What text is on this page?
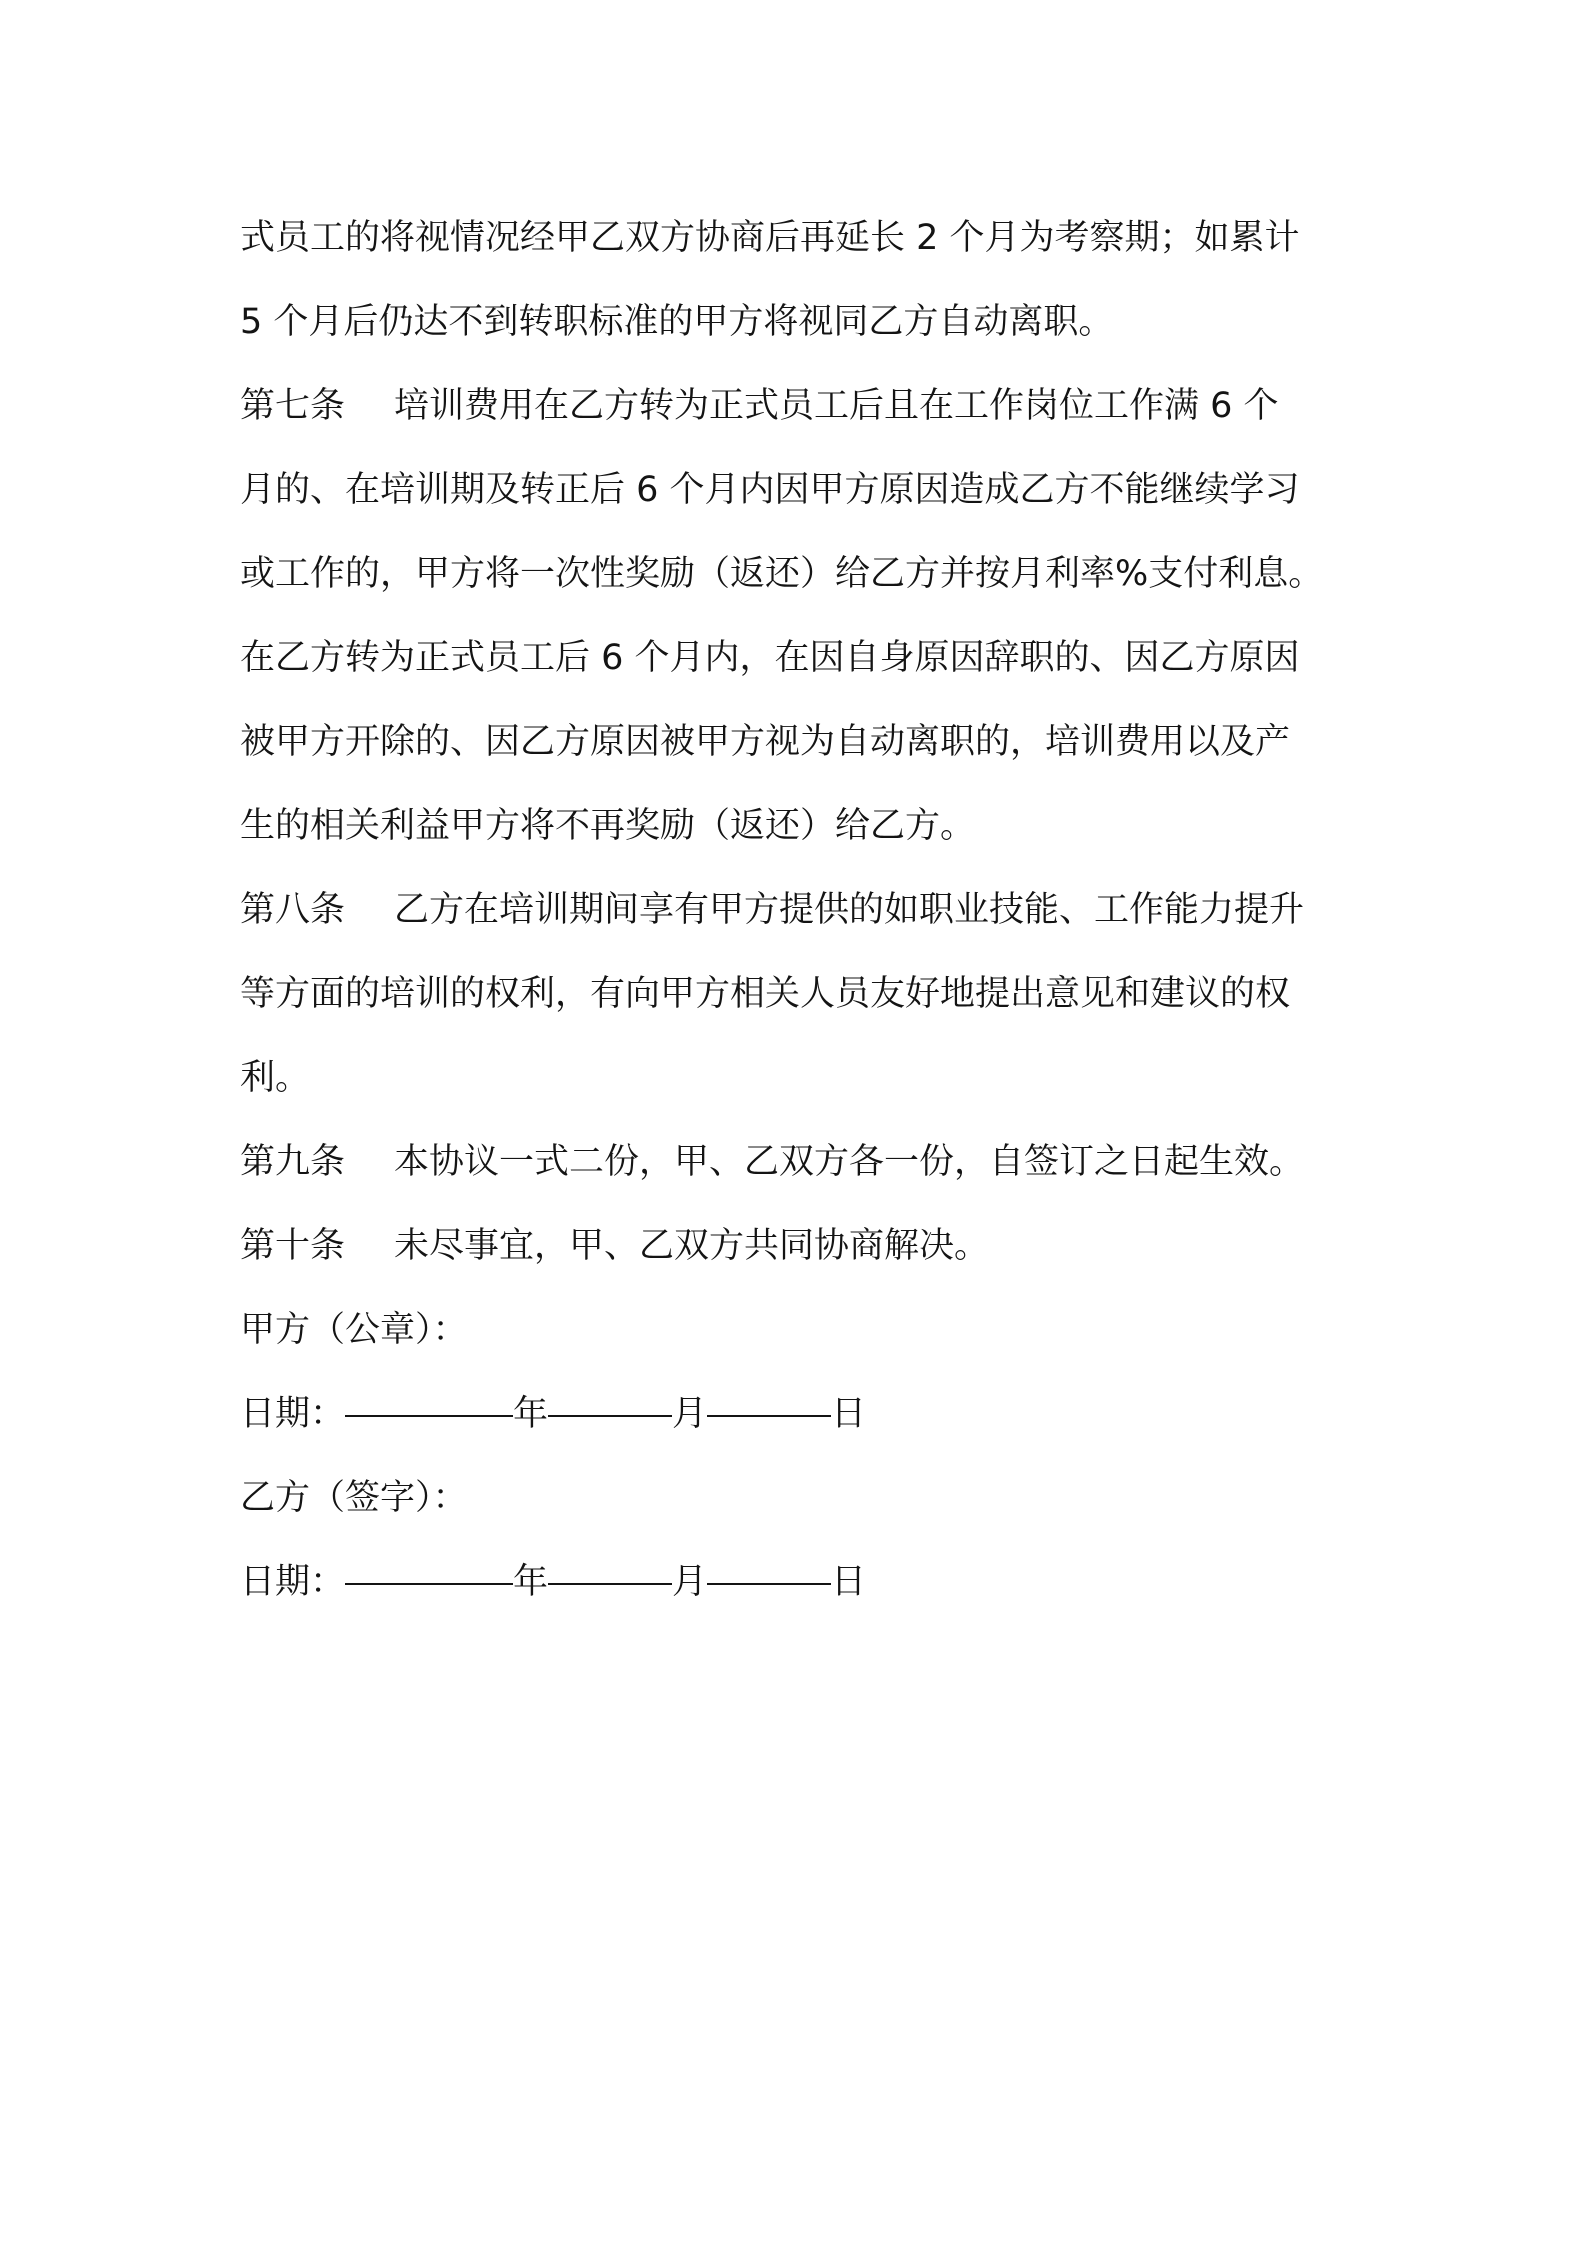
式员工的将视情况经甲乙双方协商后再延长 2 个月为考察期；如累计
5 个月后仍达不到转职标准的甲方将视同乙方自动离职。
第七条 培训费用在乙方转为正式员工后且在工作岗位工作满 6 个
月的、在培训期及转正后 6 个月内因甲方原因造成乙方不能继续学习
或工作的，甲方将一次性奖励（返还）给乙方并按月利率%支付利息。
在乙方转为正式员工后 6 个月内，在因自身原因辞职的、因乙方原因
被甲方开除的、因乙方原因被甲方视为自动离职的，培训费用以及产
生的相关利益甲方将不再奖励（返还）给乙方。
第八条 乙方在培训期间享有甲方提供的如职业技能、工作能力提升
等方面的培训的权利，有向甲方相关人员友好地提出意见和建议的权
利。
第九条 本协议一式二份，甲、乙双方各一份，自签订之日起生效。
第十条 未尽事宜，甲、乙双方共同协商解决。
甲方（公章）：
日期：	年	月	日
乙方（签字）：
日期：	年	月	日
